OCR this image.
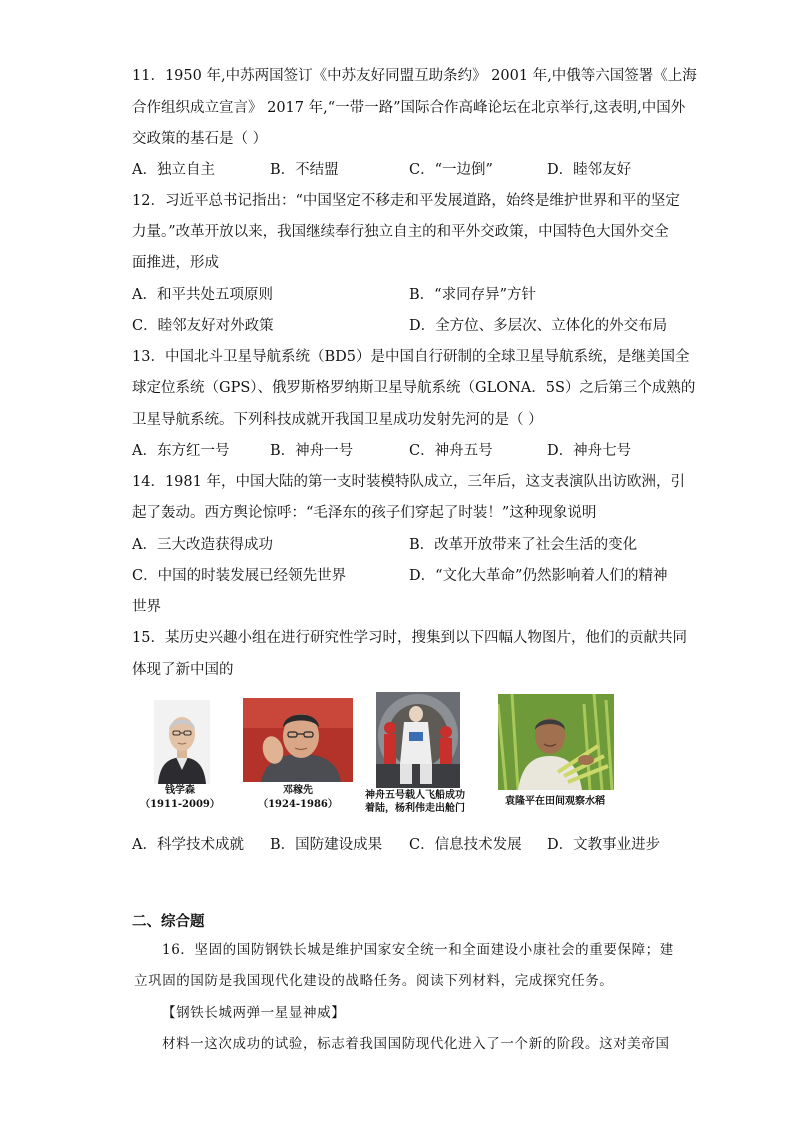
11．1950 年,中苏两国签订《中苏友好同盟互助条约》 2001 年,中俄等六国签署《上海
合作组织成立宣言》 2017 年,“一带一路”国际合作高峰论坛在北京举行,这表明,中国外
交政策的基石是（ ）
A．独立自主	B．不结盟	C．“一边倒”	D．睦邻友好
12．习近平总书记指出：“中国坚定不移走和平发展道路，始终是维护世界和平的坚定
力量。”改革开放以来，我国继续奉行独立自主的和平外交政策，中国特色大国外交全
面推进，形成
A．和平共处五项原则	B．“求同存异”方针
C．睦邻友好对外政策	D．全方位、多层次、立体化的外交布局
13．中国北斗卫星导航系统（BD5）是中国自行研制的全球卫星导航系统，是继美国全
球定位系统（GPS）、俄罗斯格罗纳斯卫星导航系统（GLONA．5S）之后第三个成熟的
卫星导航系统。下列科技成就开我国卫星成功发射先河的是（ ）
A．东方红一号	B．神舟一号	C．神舟五号	D．神舟七号
14．1981 年，中国大陆的第一支时装模特队成立，三年后，这支表演队出访欧洲，引
起了轰动。西方舆论惊呼：“毛泽东的孩子们穿起了时装！”这种现象说明
A．三大改造获得成功	B．改革开放带来了社会生活的变化
C．中国的时装发展已经领先世界	D．“文化大革命”仍然影响着人们的精神
世界
15．某历史兴趣小组在进行研究性学习时，搜集到以下四幅人物图片，他们的贡献共同
体现了新中国的
钱学森
（1911-2009）
邓稼先
（1924-1986）
神舟五号载人飞船成功
着陆，杨利伟走出舱门
袁隆平在田间观察水稻
A．科学技术成就 B．国防建设成果 C．信息技术发展 D．文教事业进步
二、综合题
16．坚固的国防钢铁长城是维护国家安全统一和全面建设小康社会的重要保障；建
立巩固的国防是我国现代化建设的战略任务。阅读下列材料，完成探究任务。
【钢铁长城两弹一星显神威】
材料一这次成功的试验，标志着我国国防现代化进入了一个新的阶段。这对美帝国
